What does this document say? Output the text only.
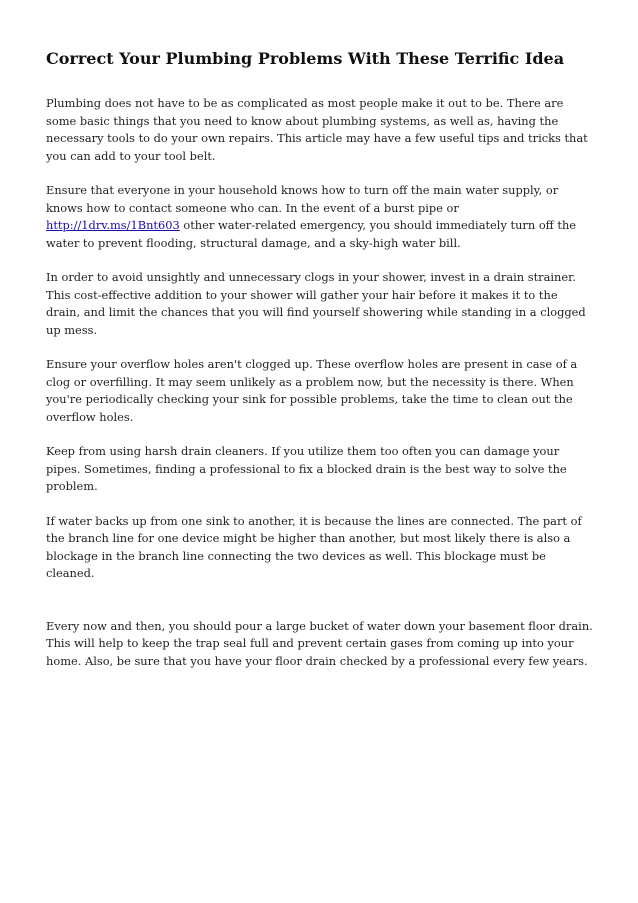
Correct Your Plumbing Problems With These Terrific Idea

Plumbing does not have to be as complicated as most people make it out to be. There are some basic things that you need to know about plumbing systems, as well as, having the necessary tools to do your own repairs. This article may have a few useful tips and tricks that you can add to your tool belt.

Ensure that everyone in your household knows how to turn off the main water supply, or knows how to contact someone who can. In the event of a burst pipe or http://1drv.ms/1Bnt603 other water-related emergency, you should immediately turn off the water to prevent flooding, structural damage, and a sky-high water bill.

In order to avoid unsightly and unnecessary clogs in your shower, invest in a drain strainer. This cost-effective addition to your shower will gather your hair before it makes it to the drain, and limit the chances that you will find yourself showering while standing in a clogged up mess.

Ensure your overflow holes aren't clogged up. These overflow holes are present in case of a clog or overfilling. It may seem unlikely as a problem now, but the necessity is there. When you're periodically checking your sink for possible problems, take the time to clean out the overflow holes.

Keep from using harsh drain cleaners. If you utilize them too often you can damage your pipes. Sometimes, finding a professional to fix a blocked drain is the best way to solve the problem.

If water backs up from one sink to another, it is because the lines are connected. The part of the branch line for one device might be higher than another, but most likely there is also a blockage in the branch line connecting the two devices as well. This blockage must be cleaned.

Every now and then, you should pour a large bucket of water down your basement floor drain. This will help to keep the trap seal full and prevent certain gases from coming up into your home. Also, be sure that you have your floor drain checked by a professional every few years.
